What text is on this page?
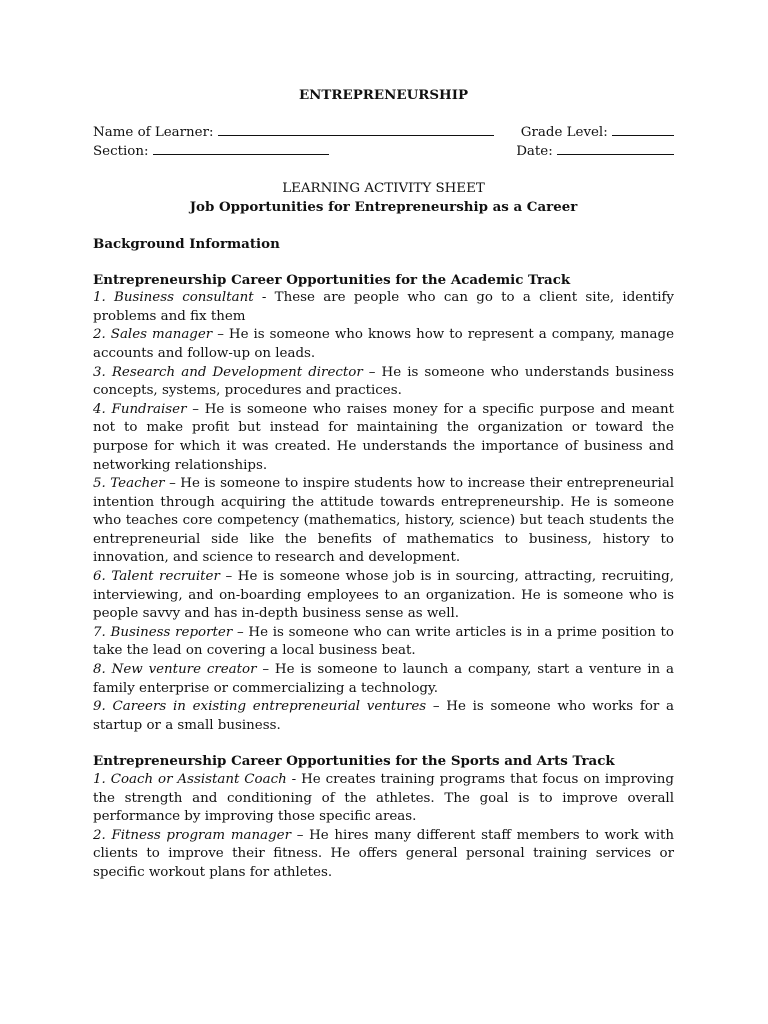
ENTREPRENEURSHIP
Name of Learner:	Grade Level:
Section:	Date:
LEARNING ACTIVITY SHEET
Job Opportunities for Entrepreneurship as a Career
Background Information
Entrepreneurship Career Opportunities for the Academic Track
1. Business consultant - These are people who can go to a client site, identify problems and fix them
2. Sales manager – He is someone who knows how to represent a company, manage accounts and follow-up on leads.
3. Research and Development director – He is someone who understands business concepts, systems, procedures and practices.
4. Fundraiser – He is someone who raises money for a specific purpose and meant not to make profit but instead for maintaining the organization or toward the purpose for which it was created. He understands the importance of business and networking relationships.
5. Teacher – He is someone to inspire students how to increase their entrepreneurial intention through acquiring the attitude towards entrepreneurship. He is someone who teaches core competency (mathematics, history, science) but teach students the entrepreneurial side like the benefits of mathematics to business, history to innovation, and science to research and development.
6. Talent recruiter – He is someone whose job is in sourcing, attracting, recruiting, interviewing, and on-boarding employees to an organization. He is someone who is people savvy and has in-depth business sense as well.
7. Business reporter – He is someone who can write articles is in a prime position to take the lead on covering a local business beat.
8. New venture creator – He is someone to launch a company, start a venture in a family enterprise or commercializing a technology.
9. Careers in existing entrepreneurial ventures – He is someone who works for a startup or a small business.
Entrepreneurship Career Opportunities for the Sports and Arts Track
1. Coach or Assistant Coach - He creates training programs that focus on improving the strength and conditioning of the athletes. The goal is to improve overall performance by improving those specific areas.
2. Fitness program manager – He hires many different staff members to work with clients to improve their fitness. He offers general personal training services or specific workout plans for athletes.
